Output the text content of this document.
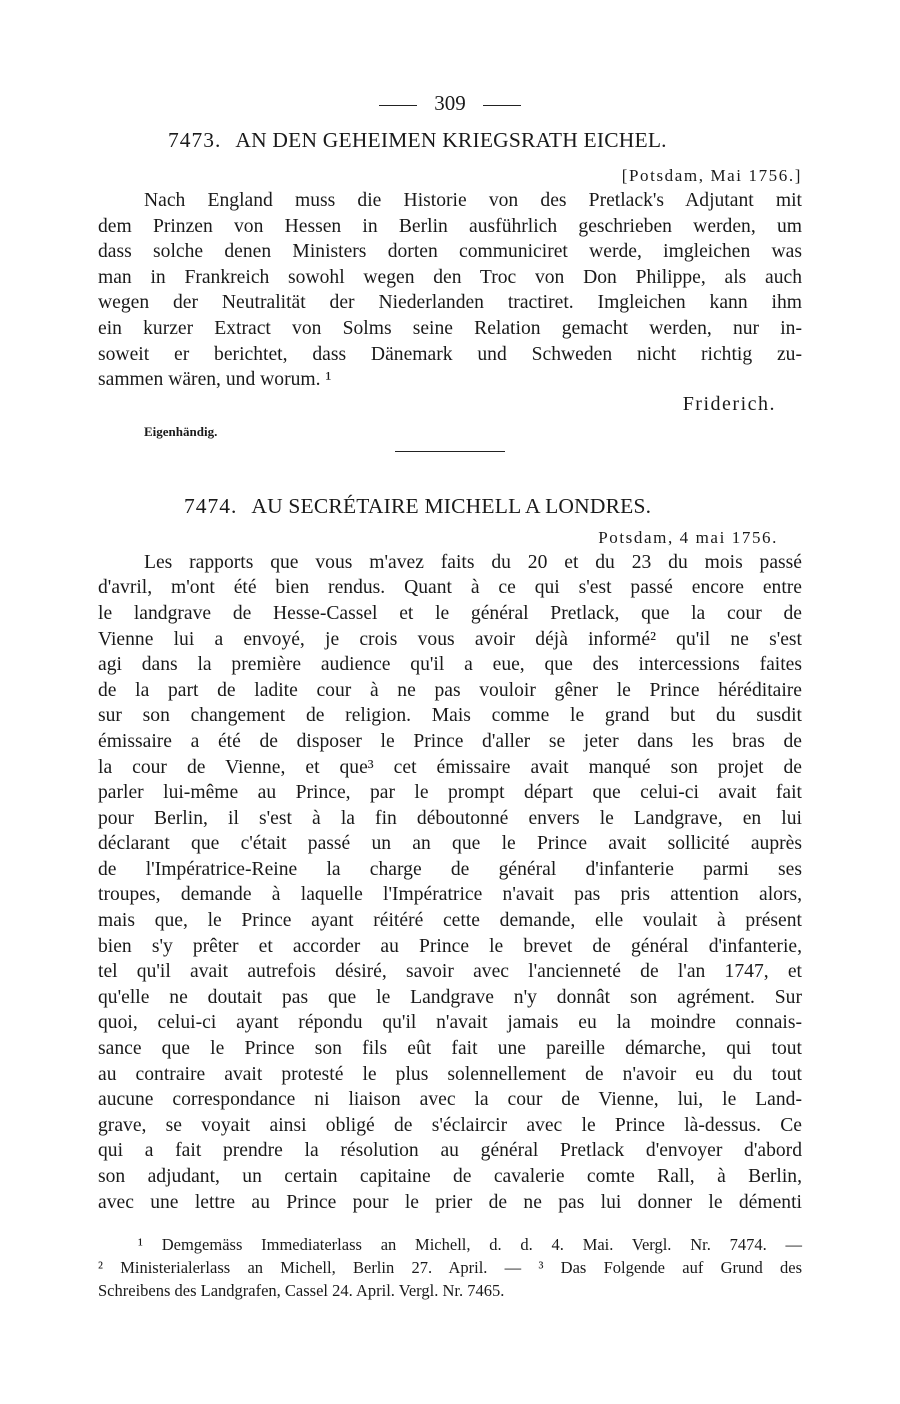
309
7473. AN DEN GEHEIMEN KRIEGSRATH EICHEL.
[Potsdam, Mai 1756.]
Nach England muss die Historie von des Pretlack's Adjutant mit
dem Prinzen von Hessen in Berlin ausführlich geschrieben werden, um
dass solche denen Ministers dorten communiciret werde, imgleichen was
man in Frankreich sowohl wegen den Troc von Don Philippe, als auch
wegen der Neutralität der Niederlanden tractiret. Imgleichen kann ihm
ein kurzer Extract von Solms seine Relation gemacht werden, nur in-
soweit er berichtet, dass Dänemark und Schweden nicht richtig zu-
sammen wären, und worum. ¹
Friderich.
Eigenhändig.
7474. AU SECRÉTAIRE MICHELL A LONDRES.
Potsdam, 4 mai 1756.
Les rapports que vous m'avez faits du 20 et du 23 du mois passé
d'avril, m'ont été bien rendus. Quant à ce qui s'est passé encore entre
le landgrave de Hesse-Cassel et le général Pretlack, que la cour de
Vienne lui a envoyé, je crois vous avoir déjà informé² qu'il ne s'est
agi dans la première audience qu'il a eue, que des intercessions faites
de la part de ladite cour à ne pas vouloir gêner le Prince héréditaire
sur son changement de religion. Mais comme le grand but du susdit
émissaire a été de disposer le Prince d'aller se jeter dans les bras de
la cour de Vienne, et que³ cet émissaire avait manqué son projet de
parler lui-même au Prince, par le prompt départ que celui-ci avait fait
pour Berlin, il s'est à la fin déboutonné envers le Landgrave, en lui
déclarant que c'était passé un an que le Prince avait sollicité auprès
de l'Impératrice-Reine la charge de général d'infanterie parmi ses
troupes, demande à laquelle l'Impératrice n'avait pas pris attention alors,
mais que, le Prince ayant réitéré cette demande, elle voulait à présent
bien s'y prêter et accorder au Prince le brevet de général d'infanterie,
tel qu'il avait autrefois désiré, savoir avec l'ancienneté de l'an 1747, et
qu'elle ne doutait pas que le Landgrave n'y donnât son agrément. Sur
quoi, celui-ci ayant répondu qu'il n'avait jamais eu la moindre connais-
sance que le Prince son fils eût fait une pareille démarche, qui tout
au contraire avait protesté le plus solennellement de n'avoir eu du tout
aucune correspondance ni liaison avec la cour de Vienne, lui, le Land-
grave, se voyait ainsi obligé de s'éclaircir avec le Prince là-dessus. Ce
qui a fait prendre la résolution au général Pretlack d'envoyer d'abord
son adjudant, un certain capitaine de cavalerie comte Rall, à Berlin,
avec une lettre au Prince pour le prier de ne pas lui donner le démenti
¹ Demgemäss Immediaterlass an Michell, d. d. 4. Mai. Vergl. Nr. 7474. —
² Ministerialerlass an Michell, Berlin 27. April. — ³ Das Folgende auf Grund des
Schreibens des Landgrafen, Cassel 24. April. Vergl. Nr. 7465.
